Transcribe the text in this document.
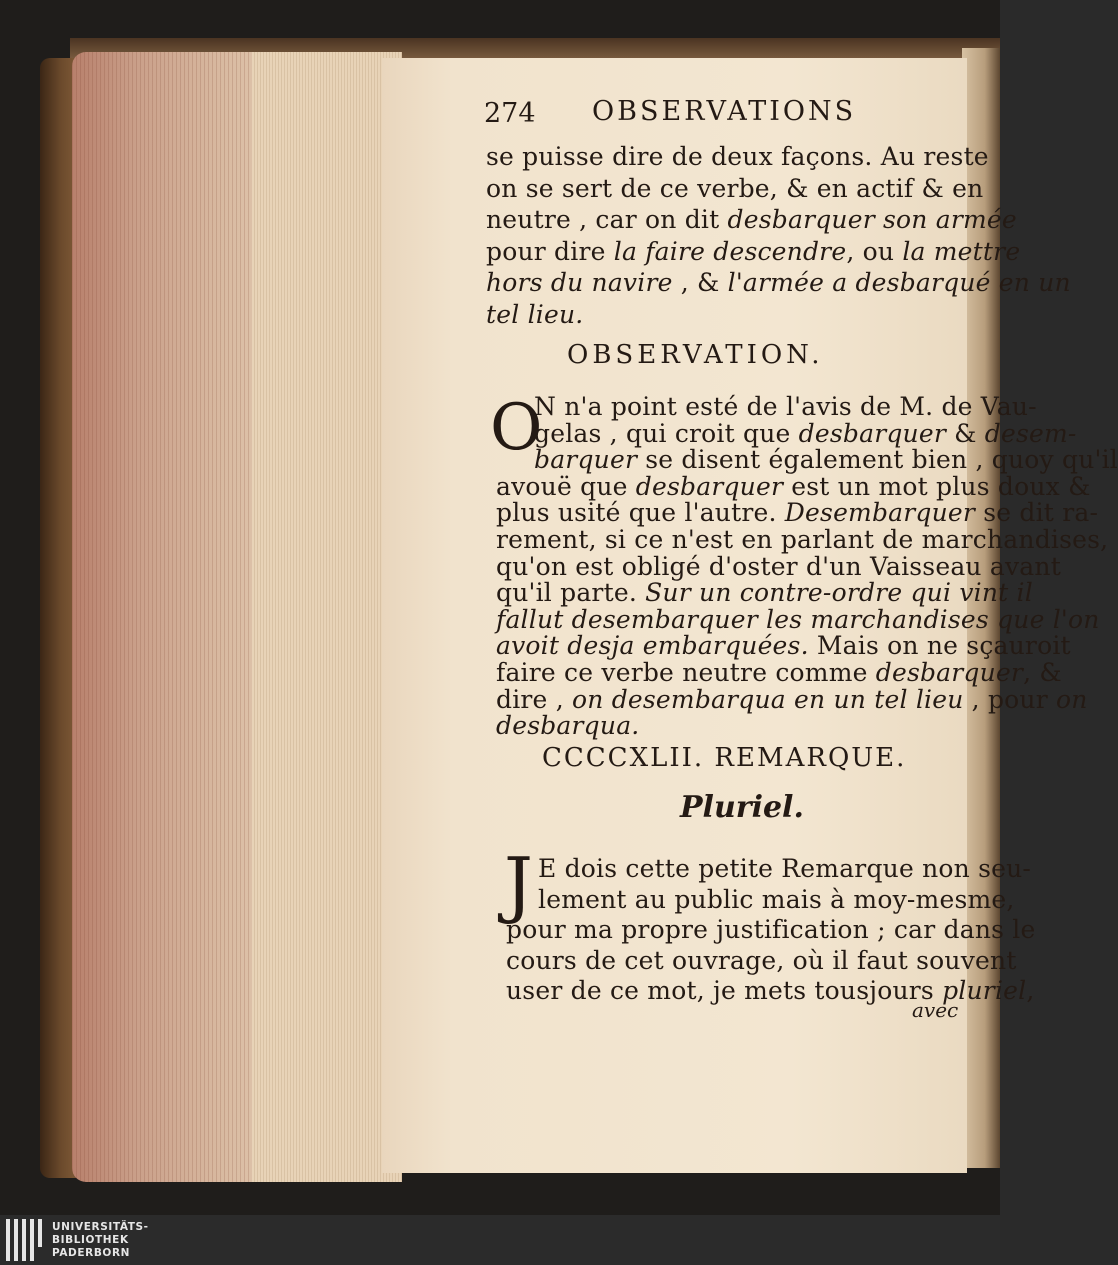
274 OBSERVATIONS
se puisse dire de deux façons. Au reste
on se sert de ce verbe, & en actif & en
neutre , car on dit desbarquer son armée
pour dire la faire descendre, ou la mettre
hors du navire , & l'armée a desbarqué en un
tel lieu.
OBSERVATION.
O
N n'a point esté de l'avis de M. de Vau-
gelas , qui croit que desbarquer & desem-
barquer se disent également bien , quoy qu'il
avouë que desbarquer est un mot plus doux &
plus usité que l'autre. Desembarquer se dit ra-
rement, si ce n'est en parlant de marchandises,
qu'on est obligé d'oster d'un Vaisseau avant
qu'il parte. Sur un contre-ordre qui vint il
fallut desembarquer les marchandises que l'on
avoit desja embarquées. Mais on ne sçauroit
faire ce verbe neutre comme desbarquer, &
dire , on desembarqua en un tel lieu , pour on
desbarqua.
CCCCXLII. REMARQUE.
Pluriel.
J E dois cette petite Remarque non seu-
lement au public mais à moy-mesme,
pour ma propre justification ; car dans le
cours de cet ouvrage, où il faut souvent
user de ce mot, je mets tousjours pluriel,
avec
UNIVERSITÄTS-
BIBLIOTHEK
PADERBORN
